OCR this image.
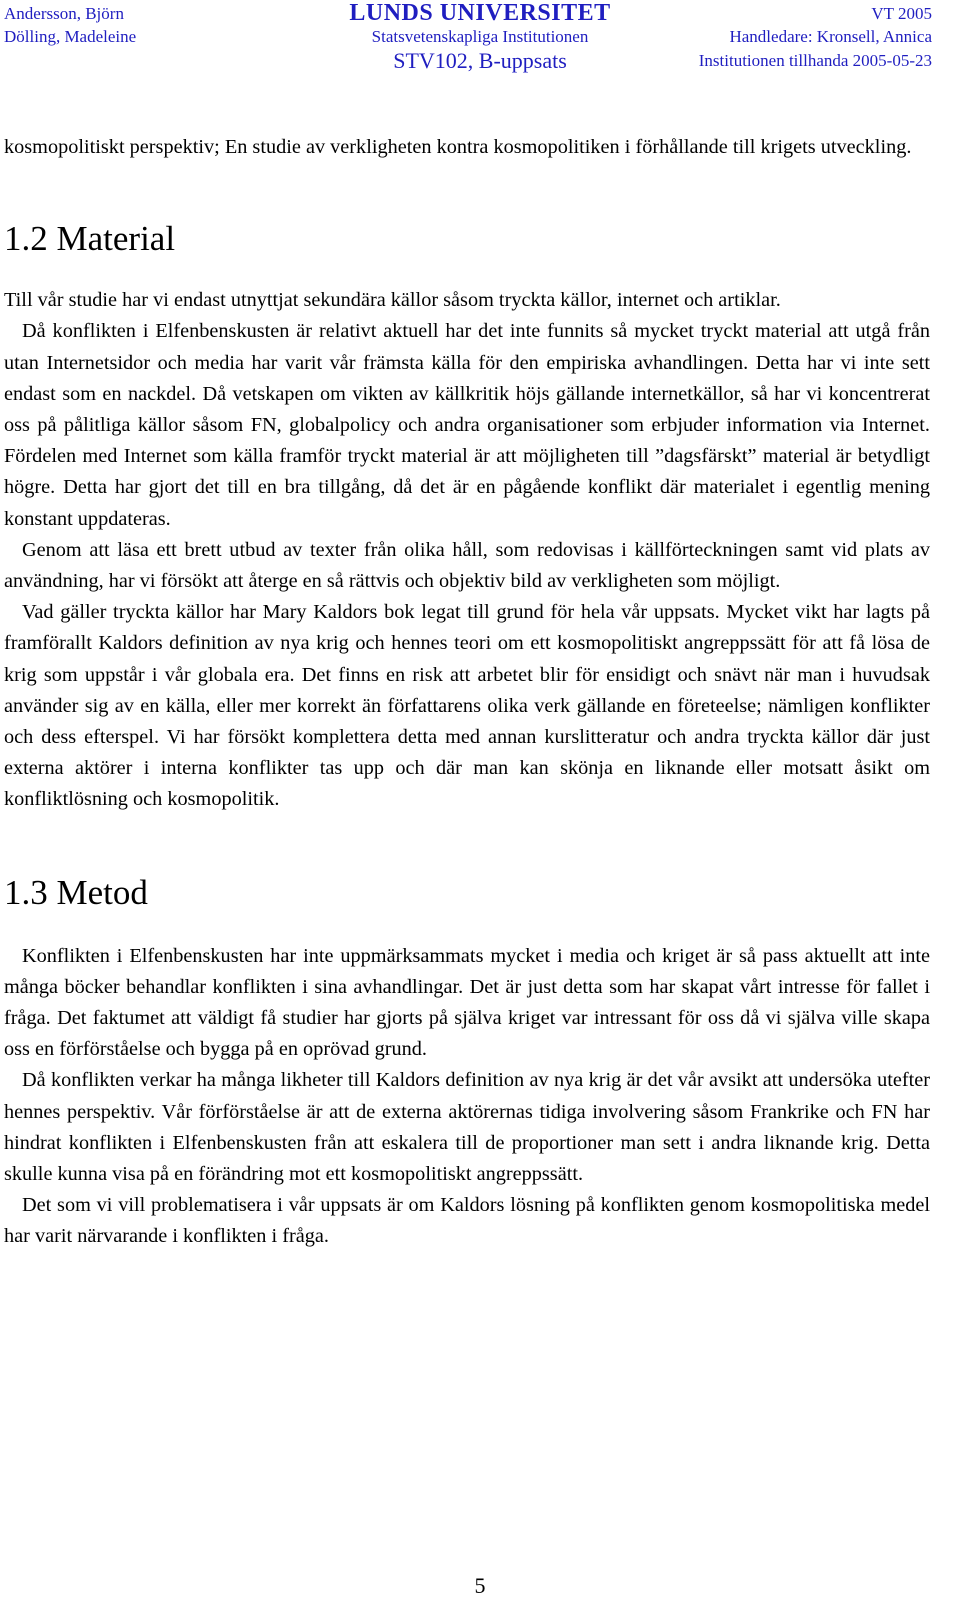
Andersson, Björn
Dölling, Madeleine
LUNDS UNIVERSITET
Statsvetenskapliga Institutionen
STV102, B-uppsats
VT 2005
Handledare: Kronsell, Annica
Institutionen tillhanda 2005-05-23

kosmopolitiskt perspektiv; En studie av verkligheten kontra kosmopolitiken i förhållande till krigets utveckling.

1.2 Material

Till vår studie har vi endast utnyttjat sekundära källor såsom tryckta källor, internet och artiklar.

Då konflikten i Elfenbenskusten är relativt aktuell har det inte funnits så mycket tryckt material att utgå från utan Internetsidor och media har varit vår främsta källa för den empiriska avhandlingen. Detta har vi inte sett endast som en nackdel. Då vetskapen om vikten av källkritik höjs gällande internetkällor, så har vi koncentrerat oss på pålitliga källor såsom FN, globalpolicy och andra organisationer som erbjuder information via Internet. Fördelen med Internet som källa framför tryckt material är att möjligheten till ”dagsfärskt” material är betydligt högre. Detta har gjort det till en bra tillgång, då det är en pågående konflikt där materialet i egentlig mening konstant uppdateras.

Genom att läsa ett brett utbud av texter från olika håll, som redovisas i källförteckningen samt vid plats av användning, har vi försökt att återge en så rättvis och objektiv bild av verkligheten som möjligt.

Vad gäller tryckta källor har Mary Kaldors bok legat till grund för hela vår uppsats. Mycket vikt har lagts på framförallt Kaldors definition av nya krig och hennes teori om ett kosmopolitiskt angreppssätt för att få lösa de krig som uppstår i vår globala era. Det finns en risk att arbetet blir för ensidigt och snävt när man i huvudsak använder sig av en källa, eller mer korrekt än författarens olika verk gällande en företeelse; nämligen konflikter och dess efterspel. Vi har försökt komplettera detta med annan kurslitteratur och andra tryckta källor där just externa aktörer i interna konflikter tas upp och där man kan skönja en liknande eller motsatt åsikt om konfliktlösning och kosmopolitik.

1.3 Metod

Konflikten i Elfenbenskusten har inte uppmärksammats mycket i media och kriget är så pass aktuellt att inte många böcker behandlar konflikten i sina avhandlingar. Det är just detta som har skapat vårt intresse för fallet i fråga. Det faktumet att väldigt få studier har gjorts på själva kriget var intressant för oss då vi själva ville skapa oss en förförståelse och bygga på en oprövad grund.

Då konflikten verkar ha många likheter till Kaldors definition av nya krig är det vår avsikt att undersöka utefter hennes perspektiv. Vår förförståelse är att de externa aktörernas tidiga involvering såsom Frankrike och FN har hindrat konflikten i Elfenbenskusten från att eskalera till de proportioner man sett i andra liknande krig. Detta skulle kunna visa på en förändring mot ett kosmopolitiskt angreppssätt.

Det som vi vill problematisera i vår uppsats är om Kaldors lösning på konflikten genom kosmopolitiska medel har varit närvarande i konflikten i fråga.

5
